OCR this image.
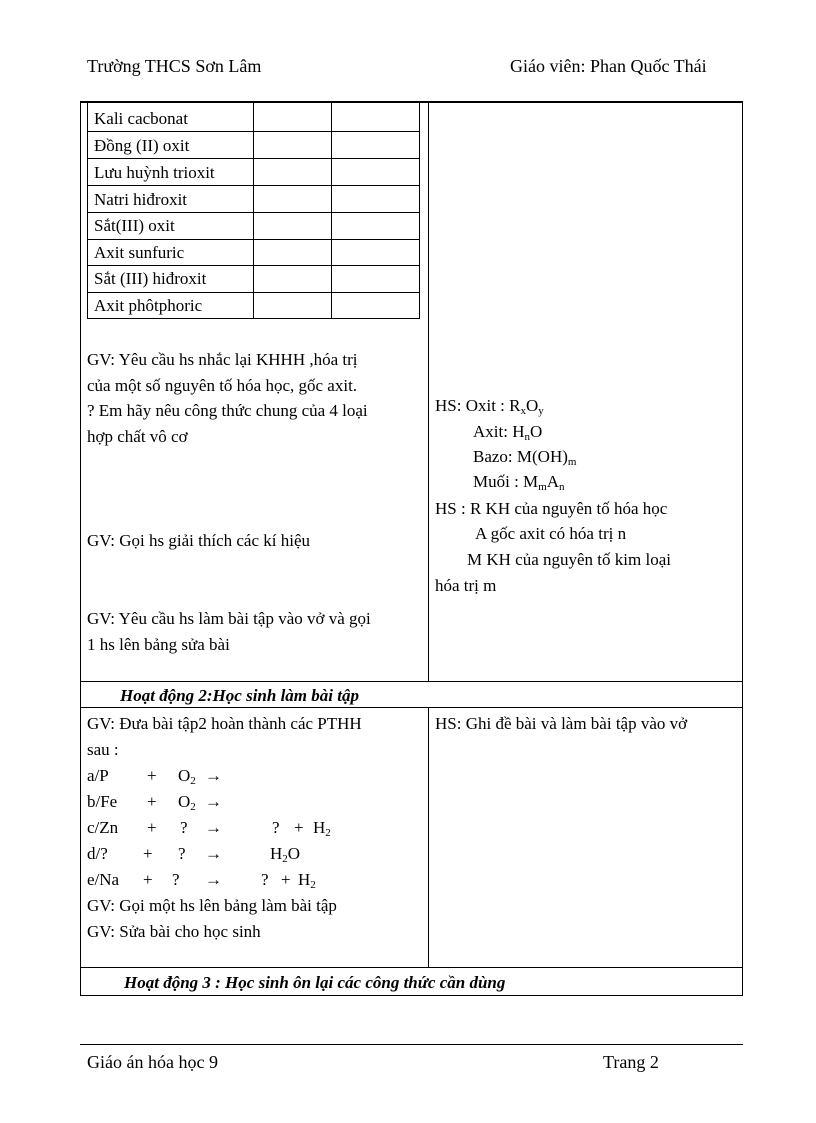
Trường THCS Sơn Lâm	Giáo viên: Phan Quốc Thái
Kali cacbonat
Đồng (II) oxit
Lưu huỳnh trioxit
Natri hiđroxit
Sắt(III) oxit
Axit sunfuric
Sắt (III) hiđroxit
Axit phôtphoric
GV: Yêu cầu hs nhắc lại KHHH ,hóa trị
của một số nguyên tố hóa học, gốc axit.
? Em hãy nêu công thức chung của 4 loại
hợp chất vô cơ
GV: Gọi hs giải thích các kí hiệu
GV: Yêu cầu hs làm bài tập vào vở và gọi
1 hs lên bảng sửa bài
HS: Oxit : $R_xO_y$
Axit: $H_nO$
Bazo: $M(OH)_m$
Muối : $M_mA_n$
HS : R KH của nguyên tố hóa học
A gốc axit có hóa trị n
M KH của nguyên tố kim loại
hóa trị m
Hoạt động 2:Học sinh làm bài tập
GV: Đưa bài tập2 hoàn thành các PTHH
sau :
$a/P + O_2$ →
$b/Fe + O_2$ →
c/Zn + ? →	? + $H_2$
d/? + ? →	$H_2O$
e/Na + ? → ? + $H_2$
GV: Gọi một hs lên bảng làm bài tập
GV: Sửa bài cho học sinh
HS: Ghi đề bài và làm bài tập vào vở
Hoạt động 3 : Học sinh ôn lại các công thức cần dùng
Giáo án hóa học 9	Trang 2
